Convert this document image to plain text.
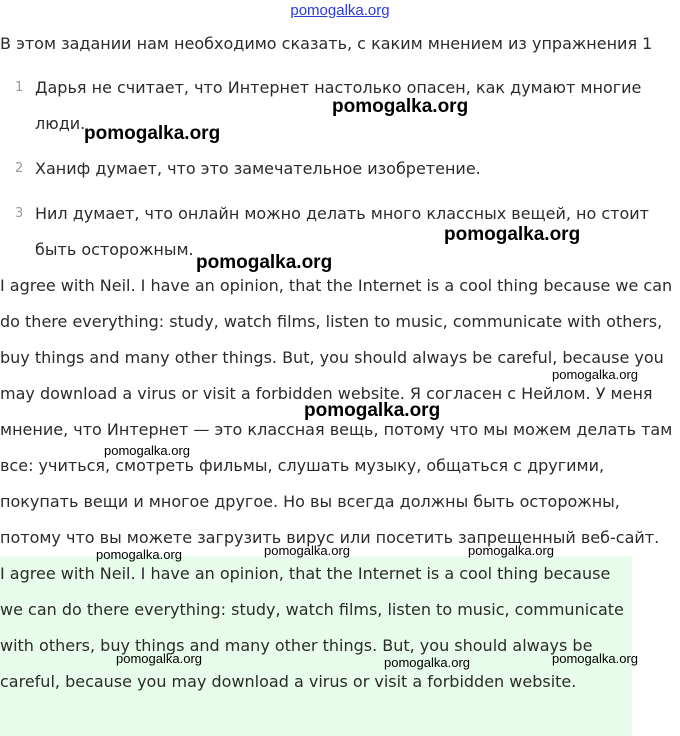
pomogalka.org

В этом задании нам необходимо сказать, с каким мнением из упражнения 1

1 Дарья не считает, что Интернет настолько опасен, как думают многие люди.
2 Ханиф думает, что это замечательное изобретение.
3 Нил думает, что онлайн можно делать много классных вещей, но стоит быть осторожным.

I agree with Neil. I have an opinion, that the Internet is a cool thing because we can do there everything: study, watch films, listen to music, communicate with others, buy things and many other things. But, you should always be careful, because you may download a virus or visit a forbidden website. Я согласен с Нейлом. У меня мнение, что Интернет — это классная вещь, потому что мы можем делать там все: учиться, смотреть фильмы, слушать музыку, общаться с другими, покупать вещи и многое другое. Но вы всегда должны быть осторожны, потому что вы можете загрузить вирус или посетить запрещенный веб-сайт.

I agree with Neil. I have an opinion, that the Internet is a cool thing because we can do there everything: study, watch films, listen to music, communicate with others, buy things and many other things. But, you should always be careful, because you may download a virus or visit a forbidden website.

pomogalka.org
pomogalka.org
pomogalka.org
pomogalka.org
pomogalka.org
pomogalka.org
pomogalka.org
pomogalka.org	pomogalka.org	pomogalka.org
pomogalka.org	pomogalka.org	pomogalka.org
